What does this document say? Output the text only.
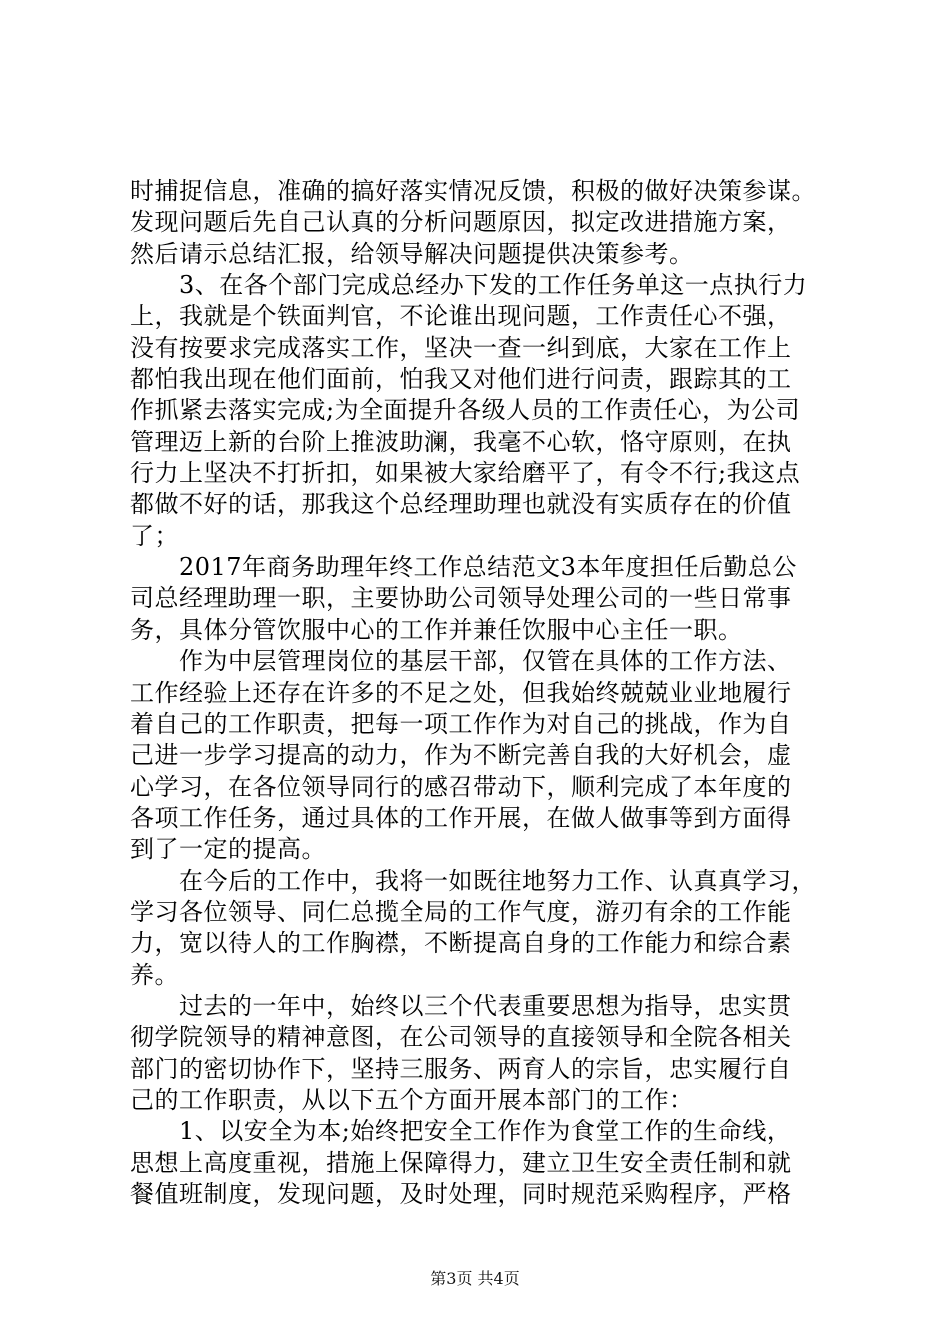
时捕捉信息，准确的搞好落实情况反馈，积极的做好决策参谋。
发现问题后先自己认真的分析问题原因，拟定改进措施方案，
然后请示总结汇报，给领导解决问题提供决策参考。
　　3、在各个部门完成总经办下发的工作任务单这一点执行力
上，我就是个铁面判官，不论谁出现问题，工作责任心不强，
没有按要求完成落实工作，坚决一查一纠到底，大家在工作上
都怕我出现在他们面前，怕我又对他们进行问责，跟踪其的工
作抓紧去落实完成;为全面提升各级人员的工作责任心，为公司
管理迈上新的台阶上推波助澜，我毫不心软，恪守原则，在执
行力上坚决不打折扣，如果被大家给磨平了，有令不行;我这点
都做不好的话，那我这个总经理助理也就没有实质存在的价值
了；
　　2017年商务助理年终工作总结范文3本年度担任后勤总公
司总经理助理一职，主要协助公司领导处理公司的一些日常事
务，具体分管饮服中心的工作并兼任饮服中心主任一职。
　　作为中层管理岗位的基层干部，仅管在具体的工作方法、
工作经验上还存在许多的不足之处，但我始终兢兢业业地履行
着自己的工作职责，把每一项工作作为对自己的挑战，作为自
己进一步学习提高的动力，作为不断完善自我的大好机会，虚
心学习，在各位领导同行的感召带动下，顺利完成了本年度的
各项工作任务，通过具体的工作开展，在做人做事等到方面得
到了一定的提高。
　　在今后的工作中，我将一如既往地努力工作、认真真学习，
学习各位领导、同仁总揽全局的工作气度，游刃有余的工作能
力，宽以待人的工作胸襟，不断提高自身的工作能力和综合素
养。
　　过去的一年中，始终以三个代表重要思想为指导，忠实贯
彻学院领导的精神意图，在公司领导的直接领导和全院各相关
部门的密切协作下，坚持三服务、两育人的宗旨，忠实履行自
己的工作职责，从以下五个方面开展本部门的工作：
　　1、以安全为本;始终把安全工作作为食堂工作的生命线，
思想上高度重视，措施上保障得力，建立卫生安全责任制和就
餐值班制度，发现问题，及时处理，同时规范采购程序，严格
第3页 共4页
